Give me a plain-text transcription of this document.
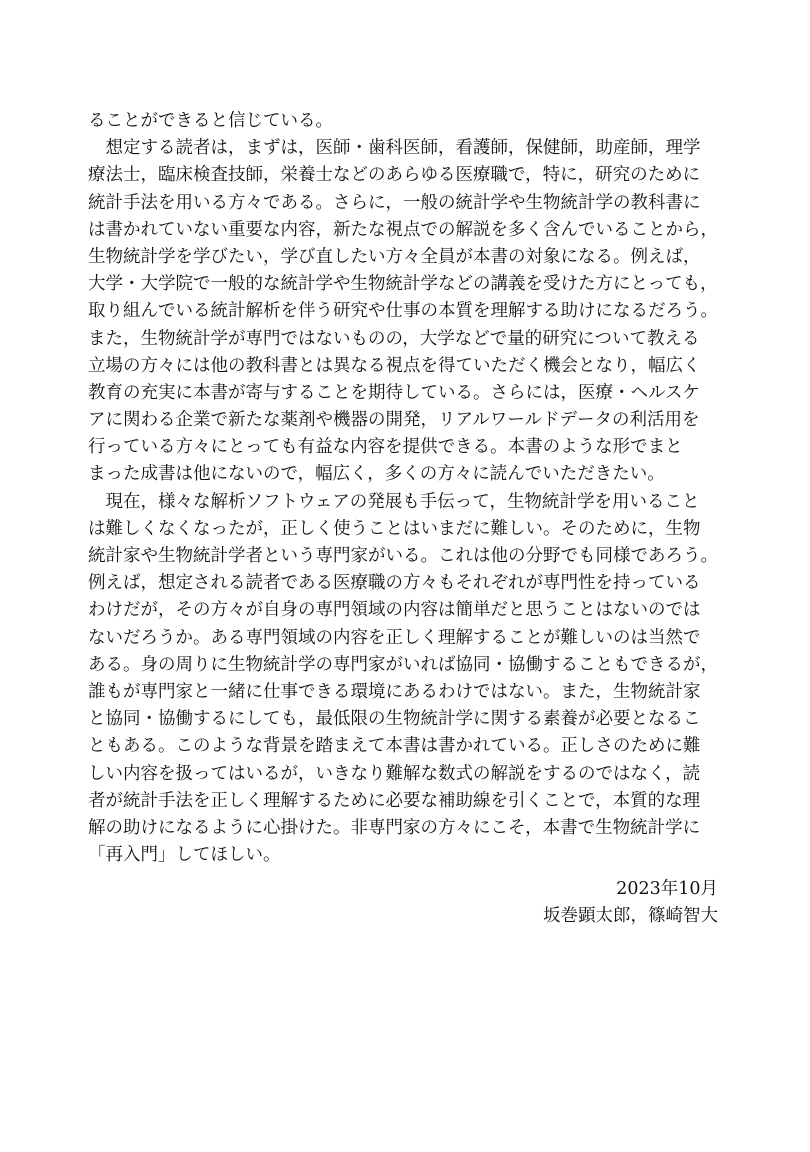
ることができると信じている。
　想定する読者は，まずは，医師・歯科医師，看護師，保健師，助産師，理学
療法士，臨床検査技師，栄養士などのあらゆる医療職で，特に，研究のために
統計手法を用いる方々である。さらに，一般の統計学や生物統計学の教科書に
は書かれていない重要な内容，新たな視点での解説を多く含んでいることから，
生物統計学を学びたい，学び直したい方々全員が本書の対象になる。例えば，
大学・大学院で一般的な統計学や生物統計学などの講義を受けた方にとっても，
取り組んでいる統計解析を伴う研究や仕事の本質を理解する助けになるだろう。
また，生物統計学が専門ではないものの，大学などで量的研究について教える
立場の方々には他の教科書とは異なる視点を得ていただく機会となり，幅広く
教育の充実に本書が寄与することを期待している。さらには，医療・ヘルスケ
アに関わる企業で新たな薬剤や機器の開発，リアルワールドデータの利活用を
行っている方々にとっても有益な内容を提供できる。本書のような形でまと
まった成書は他にないので，幅広く，多くの方々に読んでいただきたい。
　現在，様々な解析ソフトウェアの発展も手伝って，生物統計学を用いること
は難しくなくなったが，正しく使うことはいまだに難しい。そのために，生物
統計家や生物統計学者という専門家がいる。これは他の分野でも同様であろう。
例えば，想定される読者である医療職の方々もそれぞれが専門性を持っている
わけだが，その方々が自身の専門領域の内容は簡単だと思うことはないのでは
ないだろうか。ある専門領域の内容を正しく理解することが難しいのは当然で
ある。身の周りに生物統計学の専門家がいれば協同・協働することもできるが，
誰もが専門家と一緒に仕事できる環境にあるわけではない。また，生物統計家
と協同・協働するにしても，最低限の生物統計学に関する素養が必要となるこ
ともある。このような背景を踏まえて本書は書かれている。正しさのために難
しい内容を扱ってはいるが，いきなり難解な数式の解説をするのではなく，読
者が統計手法を正しく理解するために必要な補助線を引くことで，本質的な理
解の助けになるように心掛けた。非専門家の方々にこそ，本書で生物統計学に
「再入門」してほしい。
2023年10月
坂巻顕太郎，篠崎智大
